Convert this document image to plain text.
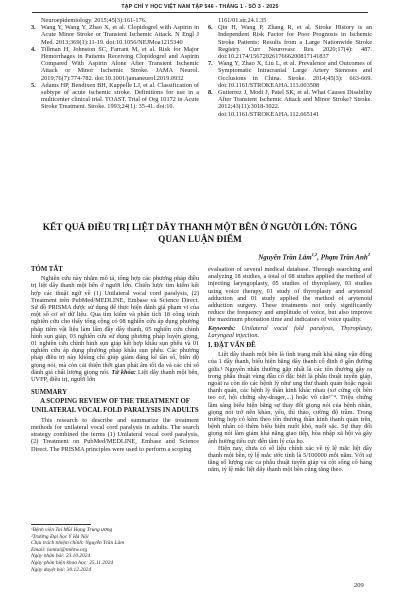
TẠP CHÍ Y HỌC VIỆT NAM TẬP 546 - THÁNG 1 - SỐ 3 - 2025

Neuroepidemiology. 2015;45(3):161-176.

3. Wang Y, Wang Y, Zhao X, et al. Clopidogrel with Aspirin in Acute Minor Stroke or Transient Ischemic Attack. N Engl J Med. 2013;369(1):11-19. doi:10.1056/NEJMoa1215340

4. Tillman H, Johnston SC, Farrant M, et al. Risk for Major Hemorrhages in Patients Receiving Clopidogrel and Aspirin Compared With Aspirin Alone After Transient Ischemic Attack or Minor Ischemic Stroke. JAMA Neurol. 2019;76(7):774-782. doi:10.1001/jamaneurol.2019.0932

5. Adams HP, Bendixen BH, Kappelle LJ, et al. Classification of subtype of acute ischemic stroke. Definitions for use in a multicenter clinical trial. TOAST. Trial of Org 10172 in Acute Stroke Treatment. Stroke. 1993;24(1): 35-41. doi:10.

1161/01.str.24.1.35

6. Qin H, Wang P, Zhang R, et al. Stroke History is an Independent Risk Factor for Poor Prognosis in Ischemic Stroke Patients: Results from a Large Nationwide Stroke Registry. Curr Neurovasc Res. 2020;17(4): 487. doi:10.2174/1567202617666200817141837

7. Wang Y, Zhao X, Liu L, et al. Prevalence and Outcomes of Symptomatic Intracranial Large Artery Stenoses and Occlusions in China. Stroke. 2014;45(3): 663-669. doi:10.1161/STROKEAHA.113.003508

8. Gutierrez J, Modi J, Patel SK, et al. What Causes Disability After Transient Ischemic Attack and Minor Stroke? Stroke. 2012;43(11):3018-3022. doi:10.1161/STROKEAHA.112.665141

KẾT QUẢ ĐIỀU TRỊ LIỆT DÂY THANH MỘT BÊN Ở NGƯỜI LỚN: TỔNG QUAN LUẬN ĐIỂM
Nguyễn Trần Lâm$^{1,2}$, Phạm Trần Anh$^2$
TÓM TẮT

Nghiên cứu này nhằm mô tả, tổng hợp các phương pháp điều trị liệt dây thanh một bên ở người lớn. Chiến lược tìm kiếm kết hợp các thuật ngữ về (1) Unilateral vocal cord paralysis, (2) Treatment trên PubMed/MEDLINE, Embase và Science Direct. Sử đồ PRISMA được sử dụng để thực hiện đánh giá phạm vi của một số cơ sở dữ liệu. Qua tìm kiếm và phân tích 18 công trình nghiên cứu cho thấy tổng cộng có 08 nghiên cứu áp dụng phương pháp tiêm vật liệu làm lấm đầy dây thanh, 05 nghiên cứu chỉnh hình sụn giáp, 03 nghiên cứu sử dụng phương pháp luyện giọng, 01 nghiên cứu chỉnh hình sụn giáp kết hợp khâu sụn phễu và 01 nghiên cứu áp dụng phương pháp khâu sụn phễu. Các phương pháp điều trị này không chỉ giúp giảm đáng kể tần số, biên độ giọng nói, mà còn cải thiện thời gian phát âm tối đa và các chỉ số đánh giá chất lượng giọng nói. Từ khóa: Liệt dây thanh một bên, UVFP, điều trị, người lớn

SUMMARY
A SCOPING REVIEW OF THE TREATMENT OF UNILATERAL VOCAL FOLD PARALYSIS IN ADULTS

This research to describe and summarize the treatment methods for unilateral vocal cord paralysis in adults. The search strategy combined the terms (1) Unilateral vocal cord paralysis, (2) Treatment on PubMed/MEDLINE, Embase and Science Direct. The PRISMA principles were used to perform a scoping

evaluation of several medical database. Through searching and analyzing 18 studies, a total of 08 studies applied the method of injecting laryngoplasty, 05 studies of thyroplasty, 03 studies using voice therapy, 01 study of thyroplasty and arytenoid adduction and 01 study applied the method of arytenoid adduction surgery. These treatments not only significantly reduce the frequency and amplitude of voice, but also improve the maximum phonation time and indicators of voice quality.

Keywords: Unilateral vocal fold paralysis, Thyroplasty, Laryngeal injection.

I. ĐẶT VẤN ĐỀ

Liệt dây thanh một bên là tình trạng mất khả năng vận động của 1 dây thanh, biểu hiện bằng dây thanh cố định ở gần đường giữa.¹ Nguyên nhân thường gặp nhất là các tổn thương gây ra trong phẫu thuật vùng đầu cổ đặc biệt là phẫu thuật tuyến giáp, ngoài ra còn do các bệnh lý như ung thư thanh quản hoặc ngoài thanh quản, các bệnh lý thần kinh khác nhau (xơ cứng cột bên teo cơ, hội chứng shy-drager,...) hoặc vô căn²⁻⁴. Triệu chứng lâm sàng biểu hiện bằng sự thay đổi giọng nói của bệnh nhân, giọng nói trở nên khàn, yếu, thì thào, cường độ trầm. Trong trường hợp có kèm theo tổn thương thần kinh thanh quản trên, bệnh nhân có thêm biểu hiện nuốt khó, nuốt sặc. Sự thay đổi giọng nói làm giảm khả năng giao tiếp, hòa nhập xã hội và gây ảnh hưởng tiêu cực đến tâm lý của họ.

Hiện nay, chưa có số liệu chính xác về tỷ lệ mắc liệt dây thanh một bên, tỷ lệ mắc ước tính là 5/100000 mỗi năm. Với sự tăng số lượng các ca phẫu thuật tuyến giáp và cột sống cổ hàng năm, tỷ lệ mắc liệt dây thanh một bên cũng tăng theo.

¹Bệnh viện Tai Mũi Họng Trung ương
²Trường Đại học Y Hà Nội
Chịu trách nhiệm chính: Nguyễn Trần Lâm
Email: lamtai@tmhtw.org
Ngày nhận bài: 23.10.2024
Ngày phản biện khoa học: 25.11.2024
Ngày duyệt bài: 30.12.2024
209
